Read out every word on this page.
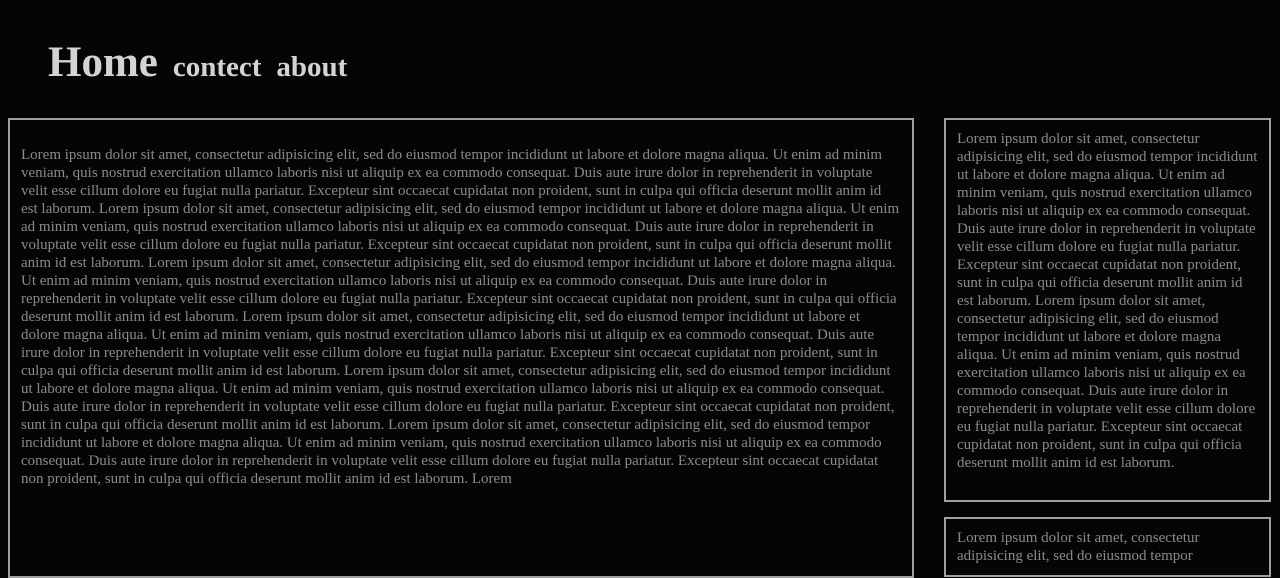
Home contect about

Lorem ipsum dolor sit amet, consectetur adipisicing elit, sed do eiusmod tempor incididunt ut labore et dolore magna aliqua. Ut enim ad minim veniam, quis nostrud exercitation ullamco laboris nisi ut aliquip ex ea commodo consequat. Duis aute irure dolor in reprehenderit in voluptate velit esse cillum dolore eu fugiat nulla pariatur. Excepteur sint occaecat cupidatat non proident, sunt in culpa qui officia deserunt mollit anim id est laborum. Lorem ipsum dolor sit amet, consectetur adipisicing elit, sed do eiusmod tempor incididunt ut labore et dolore magna aliqua. Ut enim ad minim veniam, quis nostrud exercitation ullamco laboris nisi ut aliquip ex ea commodo consequat. Duis aute irure dolor in reprehenderit in voluptate velit esse cillum dolore eu fugiat nulla pariatur. Excepteur sint occaecat cupidatat non proident, sunt in culpa qui officia deserunt mollit anim id est laborum. Lorem ipsum dolor sit amet, consectetur adipisicing elit, sed do eiusmod tempor incididunt ut labore et dolore magna aliqua. Ut enim ad minim veniam, quis nostrud exercitation ullamco laboris nisi ut aliquip ex ea commodo consequat. Duis aute irure dolor in reprehenderit in voluptate velit esse cillum dolore eu fugiat nulla pariatur. Excepteur sint occaecat cupidatat non proident, sunt in culpa qui officia deserunt mollit anim id est laborum. Lorem ipsum dolor sit amet, consectetur adipisicing elit, sed do eiusmod tempor incididunt ut labore et dolore magna aliqua. Ut enim ad minim veniam, quis nostrud exercitation ullamco laboris nisi ut aliquip ex ea commodo consequat. Duis aute irure dolor in reprehenderit in voluptate velit esse cillum dolore eu fugiat nulla pariatur. Excepteur sint occaecat cupidatat non proident, sunt in culpa qui officia deserunt mollit anim id est laborum. Lorem ipsum dolor sit amet, consectetur adipisicing elit, sed do eiusmod tempor incididunt ut labore et dolore magna aliqua. Ut enim ad minim veniam, quis nostrud exercitation ullamco laboris nisi ut aliquip ex ea commodo consequat. Duis aute irure dolor in reprehenderit in voluptate velit esse cillum dolore eu fugiat nulla pariatur. Excepteur sint occaecat cupidatat non proident, sunt in culpa qui officia deserunt mollit anim id est laborum. Lorem ipsum dolor sit amet, consectetur adipisicing elit, sed do eiusmod tempor incididunt ut labore et dolore magna aliqua. Ut enim ad minim veniam, quis nostrud exercitation ullamco laboris nisi ut aliquip ex ea commodo consequat. Duis aute irure dolor in reprehenderit in voluptate velit esse cillum dolore eu fugiat nulla pariatur. Excepteur sint occaecat cupidatat non proident, sunt in culpa qui officia deserunt mollit anim id est laborum. Lorem

Lorem ipsum dolor sit amet, consectetur adipisicing elit, sed do eiusmod tempor incididunt ut labore et dolore magna aliqua. Ut enim ad minim veniam, quis nostrud exercitation ullamco laboris nisi ut aliquip ex ea commodo consequat. Duis aute irure dolor in reprehenderit in voluptate velit esse cillum dolore eu fugiat nulla pariatur. Excepteur sint occaecat cupidatat non proident, sunt in culpa qui officia deserunt mollit anim id est laborum. Lorem ipsum dolor sit amet, consectetur adipisicing elit, sed do eiusmod tempor incididunt ut labore et dolore magna aliqua. Ut enim ad minim veniam, quis nostrud exercitation ullamco laboris nisi ut aliquip ex ea commodo consequat. Duis aute irure dolor in reprehenderit in voluptate velit esse cillum dolore eu fugiat nulla pariatur. Excepteur sint occaecat cupidatat non proident, sunt in culpa qui officia deserunt mollit anim id est laborum.

Lorem ipsum dolor sit amet, consectetur adipisicing elit, sed do eiusmod tempor
